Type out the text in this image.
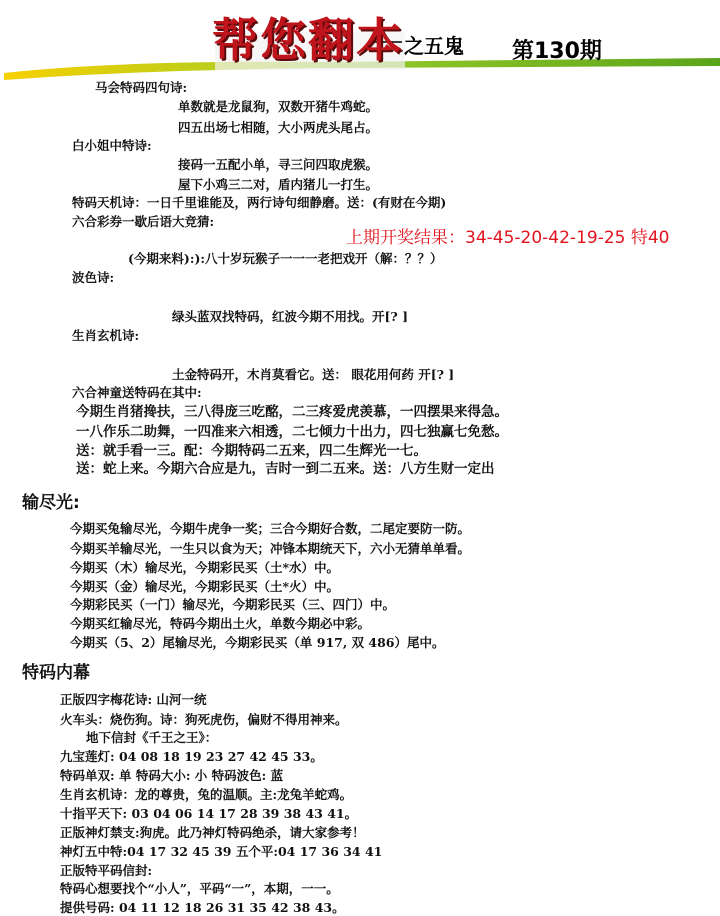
帮您翻本 之五鬼 第130期
马会特码四句诗:
单数就是龙鼠狗，双数开猪牛鸡蛇。
四五出场七相随，大小两虎头尾占。
白小姐中特诗:
接码一五配小单，寻三问四取虎猴。
屋下小鸡三二对，盾内猪儿一打生。
特码天机诗：一日千里谁能及，两行诗句细静磨。送：(有财在今期)
六合彩券一歇后语大竞猜:
(今期来料):):八十岁玩猴子一一一老把戏开（解：？？）
波色诗:
绿头蓝双找特码，红波今期不用找。开[? ]
生肖玄机诗:
土金特码开，木肖莫看它。送： 眼花用何药 开[? ]
六合神童送特码在其中:
今期生肖猪搀扶，三八得庞三吃酩，二三疼爱虎羡慕，一四摆果来得急。
一八作乐二助舞，一四准来六相透，二七倾力十出力，四七独赢七免愁。
送：就手看一三。配：今期特码二五来，四二生辉光一七。
送：蛇上来。今期六合应是九，吉时一到二五来。送：八方生财一定出
今期买兔输尽光，今期牛虎争一奖；三合今期好合数，二尾定要防一防。
今期买羊输尽光，一生只以食为天；冲锋本期统天下，六小无猜单单看。
今期买（木）输尽光，今期彩民买（土*水）中。
今期买（金）输尽光，今期彩民买（土*火）中。
今期彩民买（一门）输尽光，今期彩民买（三、四门）中。
今期买红输尽光，特码今期出土火，单数今期必中彩。
今期买（5、2）尾输尽光，今期彩民买（单 917, 双 486）尾中。
正版四字梅花诗: 山河一统
火车头：烧伤狗。诗：狗死虎伤，偏财不得用神来。
地下信封《千王之王》：
九宝莲灯: 04 08 18 19 23 27 42 45 33。
特码单双: 单 特码大小: 小 特码波色: 蓝
生肖玄机诗：龙的尊贵，兔的温顺。主:龙兔羊蛇鸡。
十指平天下: 03 04 06 14 17 28 39 38 43 41。
正版神灯禁支:狗虎。此乃神灯特码绝杀，请大家参考！
神灯五中特:04 17 32 45 39 五个平:04 17 36 34 41
正版特平码信封:
特码心想要找个“小人”，平码“一”，本期，一一。
提供号码: 04 11 12 18 26 31 35 42 38 43。
输尽光:
特码内幕
上期开奖结果：34-45-20-42-19-25 特40
